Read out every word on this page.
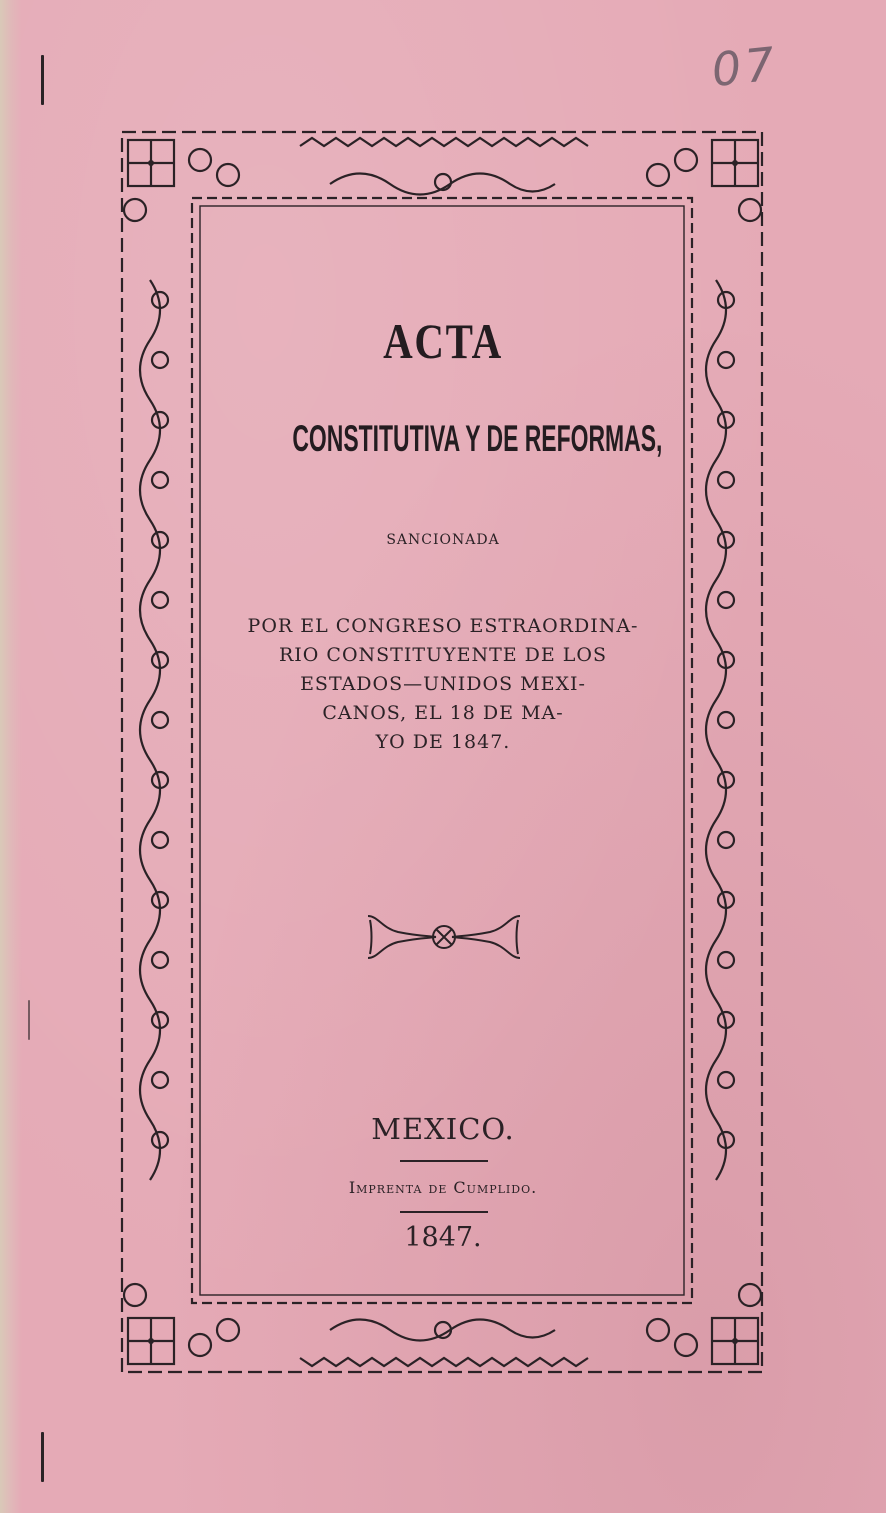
07
ACTA
CONSTITUTIVA Y DE REFORMAS,
SANCIONADA
POR EL CONGRESO ESTRAORDINA-
RIO CONSTITUYENTE DE LOS
ESTADOS—UNIDOS MEXI-
CANOS, EL 18 DE MA-
YO DE 1847.
MEXICO.
Imprenta de Cumplido.
1847.
